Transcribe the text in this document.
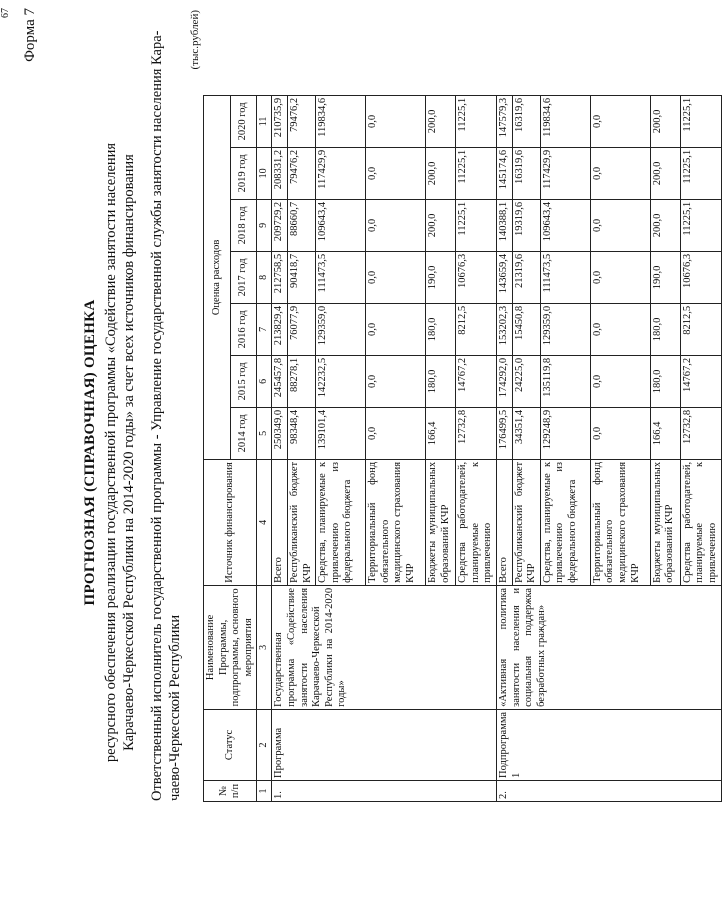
67 Форма 7
ПРОГНОЗНАЯ (СПРАВОЧНАЯ) ОЦЕНКА ресурсного обеспечения реализации государственной программы «Содействие занятости населения Карачаево-Черкесской Республики на 2014-2020 годы» за счет всех источников финансирования Ответственный исполнитель государственной программы - Управление государственной службы занятости населения Кара- чаево-Черкесской Республики
(тыс.рублей)
№ п/п	Статус	Наименование Программы, подпрограммы, основного мероприятия	Источник финансирования	Оценка расходов						
				2014 год	2015 год	2016 год	2017 год	2018 год	2019 год	2020 год
1	2	3	4	5	6	7	8	9	10	11
1.	Программа	Государственная программа «Содействие занятости населения Карачаево-Черкесской Республики на 2014-2020 годы»	Всего	250349,0	245457,8	213829,4	212758,5	209729,2	208331,2	210735,9
			Республиканский бюджет КЧР	98348,4	88278,1	76077,9	90418,7	88660,7	79476,2	79476,2
			Средства, планируемые к привлечению из федерального бюджета	139101,4	142232,5	129359,0	111473,5	109643,4	117429,9	119834,6
			Территориальный фонд обязательного медицинского страхования КЧР	0,0	0,0	0,0	0,0	0,0	0,0	0,0
			Бюджеты муниципальных образований КЧР	166,4	180,0	180,0	190,0	200,0	200,0	200,0
			Средства работодателей, планируемые к привлечению	12732,8	14767,2	8212,5	10676,3	11225,1	11225,1	11225,1
2.	Подпрограмма 1	«Активная политика занятости населения и социальная поддержка безработных граждан»	Всего	176499,5	174292,0	153202,3	143659,4	140388,1	145174,6	147579,3
			Республиканский бюджет КЧР	34351,4	24225,0	15450,8	21319,6	19319,6	16319,6	16319,6
			Средства, планируемые к привлечению из федерального бюджета	129248,9	135119,8	129359,0	111473,5	109643,4	117429,9	119834,6
			Территориальный фонд обязательного медицинского страхования КЧР	0,0	0,0	0,0	0,0	0,0	0,0	0,0
			Бюджеты муниципальных образований КЧР	166,4	180,0	180,0	190,0	200,0	200,0	200,0
			Средства работодателей, планируемые к привлечению	12732,8	14767,2	8212,5	10676,3	11225,1	11225,1	11225,1
